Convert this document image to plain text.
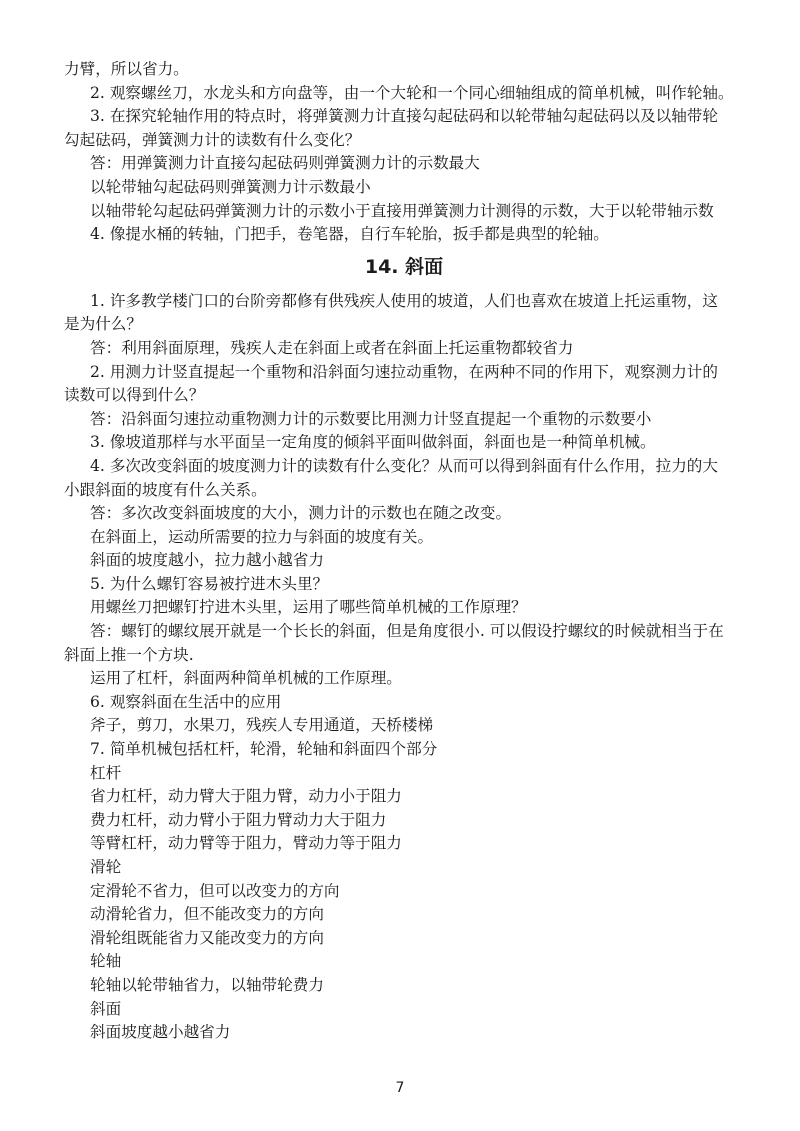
力臂，所以省力。

2. 观察螺丝刀，水龙头和方向盘等，由一个大轮和一个同心细轴组成的简单机械，叫作轮轴。

3. 在探究轮轴作用的特点时，将弹簧测力计直接勾起砝码和以轮带轴勾起砝码以及以轴带轮

勾起砝码，弹簧测力计的读数有什么变化？

答：用弹簧测力计直接勾起砝码则弹簧测力计的示数最大

以轮带轴勾起砝码则弹簧测力计示数最小

以轴带轮勾起砝码弹簧测力计的示数小于直接用弹簧测力计测得的示数，大于以轮带轴示数

4. 像提水桶的转轴，门把手，卷笔器，自行车轮胎，扳手都是典型的轮轴。

14. 斜面

1. 许多教学楼门口的台阶旁都修有供残疾人使用的坡道，人们也喜欢在坡道上托运重物，这

是为什么？

答：利用斜面原理，残疾人走在斜面上或者在斜面上托运重物都较省力

2. 用测力计竖直提起一个重物和沿斜面匀速拉动重物，在两种不同的作用下，观察测力计的

读数可以得到什么？

答：沿斜面匀速拉动重物测力计的示数要比用测力计竖直提起一个重物的示数要小

3. 像坡道那样与水平面呈一定角度的倾斜平面叫做斜面，斜面也是一种简单机械。

4. 多次改变斜面的坡度测力计的读数有什么变化？从而可以得到斜面有什么作用，拉力的大

小跟斜面的坡度有什么关系。

答：多次改变斜面坡度的大小，测力计的示数也在随之改变。

在斜面上，运动所需要的拉力与斜面的坡度有关。

斜面的坡度越小，拉力越小越省力

5. 为什么螺钉容易被拧进木头里？

用螺丝刀把螺钉拧进木头里，运用了哪些简单机械的工作原理？

答：螺钉的螺纹展开就是一个长长的斜面，但是角度很小. 可以假设拧螺纹的时候就相当于在

斜面上推一个方块.

运用了杠杆，斜面两种简单机械的工作原理。

6. 观察斜面在生活中的应用

斧子，剪刀，水果刀，残疾人专用通道，天桥楼梯

7. 简单机械包括杠杆，轮滑，轮轴和斜面四个部分

杠杆

省力杠杆，动力臂大于阻力臂，动力小于阻力

费力杠杆，动力臂小于阻力臂动力大于阻力

等臂杠杆，动力臂等于阻力，臂动力等于阻力

滑轮

定滑轮不省力，但可以改变力的方向

动滑轮省力，但不能改变力的方向

滑轮组既能省力又能改变力的方向

轮轴

轮轴以轮带轴省力，以轴带轮费力

斜面

斜面坡度越小越省力

7
